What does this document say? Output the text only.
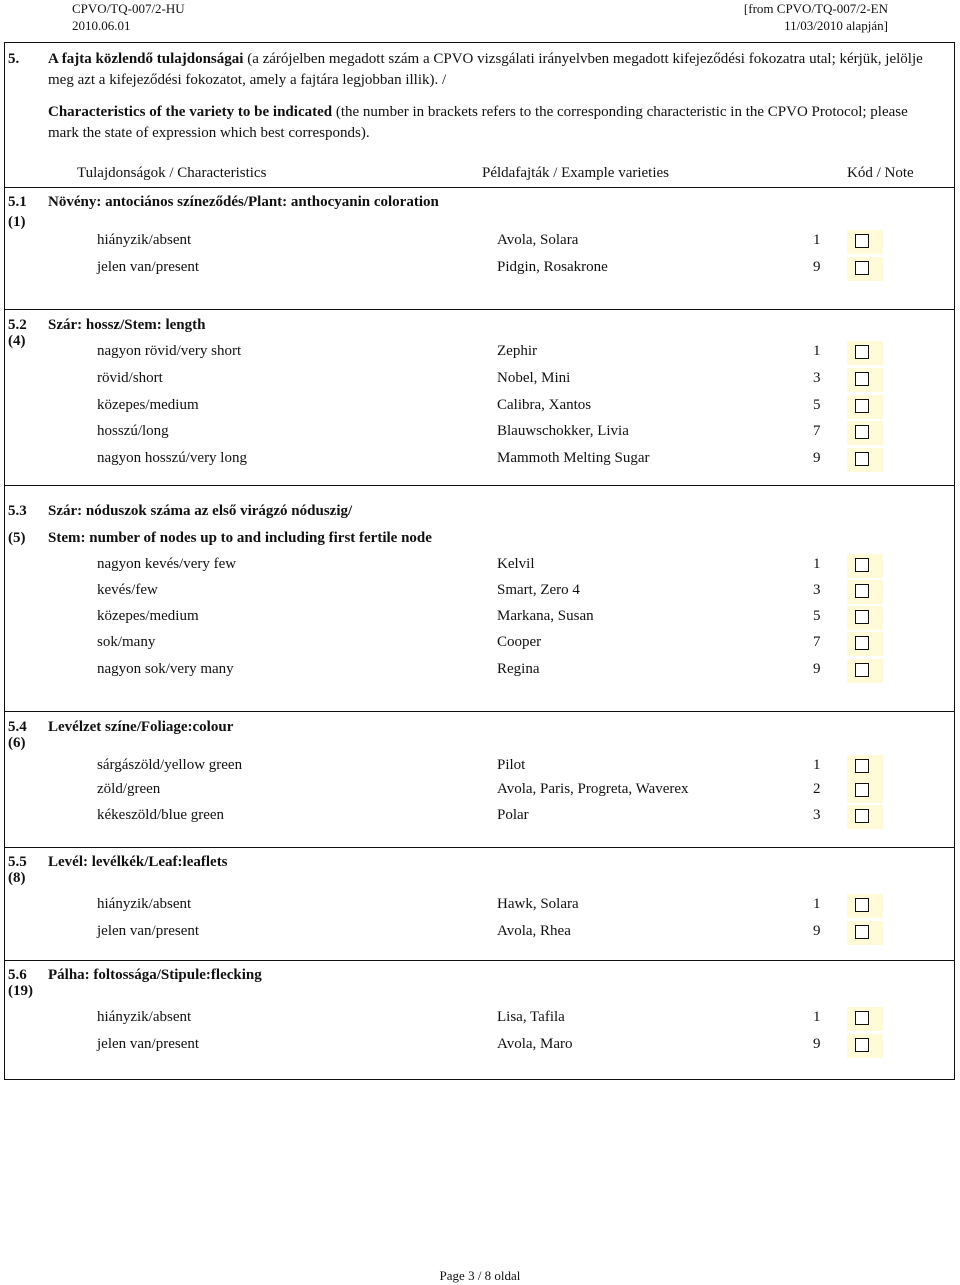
CPVO/TQ-007/2-HU
2010.06.01
[from CPVO/TQ-007/2-EN
11/03/2010 alapján]
5. A fajta közlendő tulajdonságai (a zárójelben megadott szám a CPVO vizsgálati irányelvben megadott kifejeződési fokozatra utal; kérjük, jelölje meg azt a kifejeződési fokozatot, amely a fajtára legjobban illik). /
Characteristics of the variety to be indicated (the number in brackets refers to the corresponding characteristic in the CPVO Protocol; please mark the state of expression which best corresponds).
Tulajdonságok / Characteristics	Példafajták / Example varieties	Kód / Note
5.1
(1)
Növény: antociános színeződés/Plant: anthocyanin coloration
hiányzik/absent	Avola, Solara	1
jelen van/present	Pidgin, Rosakrone	9
5.2
(4)
Szár: hossz/Stem: length
nagyon rövid/very short	Zephir	1
rövid/short	Nobel, Mini	3
közepes/medium	Calibra, Xantos	5
hosszú/long	Blauwschokker, Livia	7
nagyon hosszú/very long	Mammoth Melting Sugar	9
5.3
(5)
Szár: nóduszok száma az első virágzó nóduszig/
Stem: number of nodes up to and including first fertile node
nagyon kevés/very few	Kelvil	1
kevés/few	Smart, Zero 4	3
közepes/medium	Markana, Susan	5
sok/many	Cooper	7
nagyon sok/very many	Regina	9
5.4
(6)
Levélzet színe/Foliage:colour
sárgászöld/yellow green	Pilot	1
zöld/green	Avola, Paris, Progreta, Waverex	2
kékeszöld/blue green	Polar	3
5.5
(8)
Levél: levélkék/Leaf:leaflets
hiányzik/absent	Hawk, Solara	1
jelen van/present	Avola, Rhea	9
5.6
(19)
Pálha: foltossága/Stipule:flecking
hiányzik/absent	Lisa, Tafila	1
jelen van/present	Avola, Maro	9
Page 3 / 8 oldal
